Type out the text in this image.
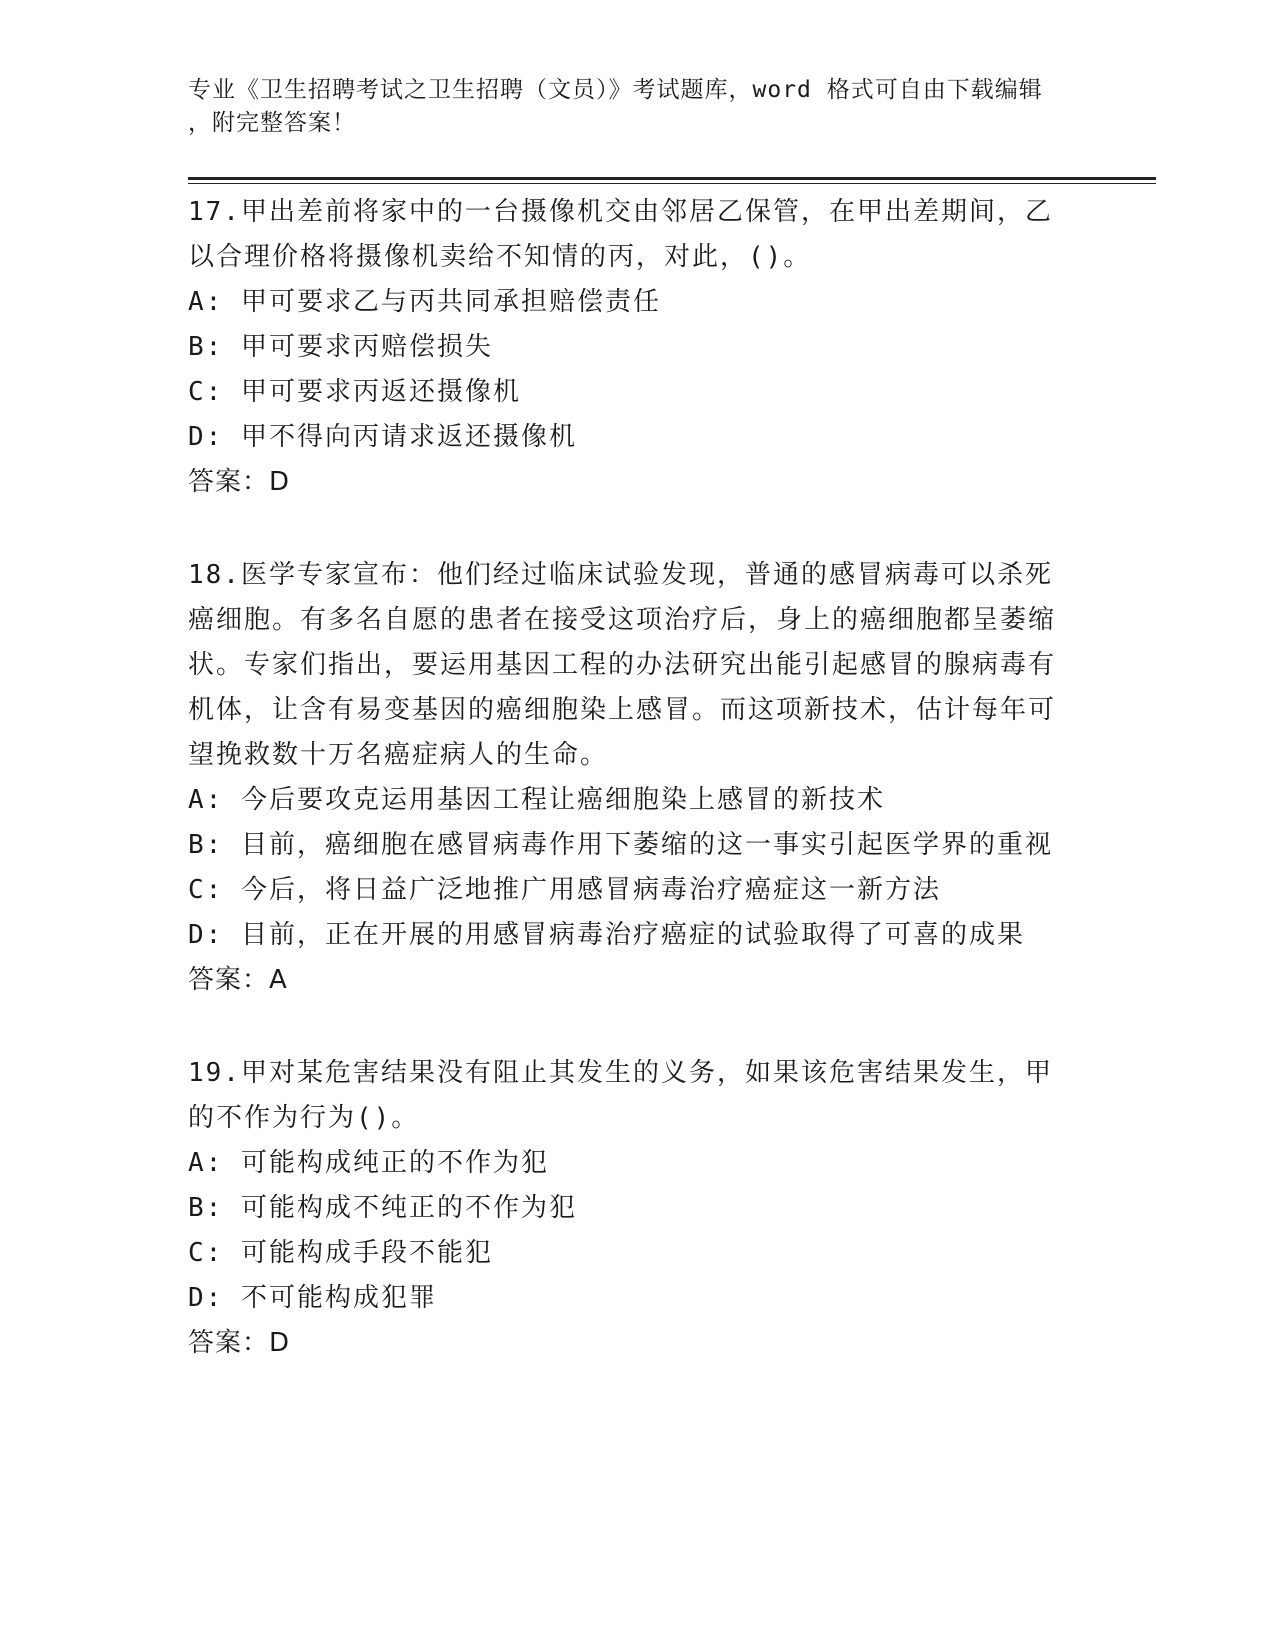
专业《卫生招聘考试之卫生招聘（文员）》考试题库，word 格式可自由下载编辑
，附完整答案！

17.甲出差前将家中的一台摄像机交由邻居乙保管，在甲出差期间，乙以合理价格将摄像机卖给不知情的丙，对此，()。

A: 甲可要求乙与丙共同承担赔偿责任

B: 甲可要求丙赔偿损失

C: 甲可要求丙返还摄像机

D: 甲不得向丙请求返还摄像机

答案：D

18.医学专家宣布：他们经过临床试验发现，普通的感冒病毒可以杀死癌细胞。有多名自愿的患者在接受这项治疗后，身上的癌细胞都呈萎缩状。专家们指出，要运用基因工程的办法研究出能引起感冒的腺病毒有机体，让含有易变基因的癌细胞染上感冒。而这项新技术，估计每年可望挽救数十万名癌症病人的生命。

A: 今后要攻克运用基因工程让癌细胞染上感冒的新技术

B: 目前，癌细胞在感冒病毒作用下萎缩的这一事实引起医学界的重视

C: 今后，将日益广泛地推广用感冒病毒治疗癌症这一新方法

D: 目前，正在开展的用感冒病毒治疗癌症的试验取得了可喜的成果

答案：A

19.甲对某危害结果没有阻止其发生的义务，如果该危害结果发生，甲的不作为行为()。

A: 可能构成纯正的不作为犯

B: 可能构成不纯正的不作为犯

C: 可能构成手段不能犯

D: 不可能构成犯罪

答案：D
